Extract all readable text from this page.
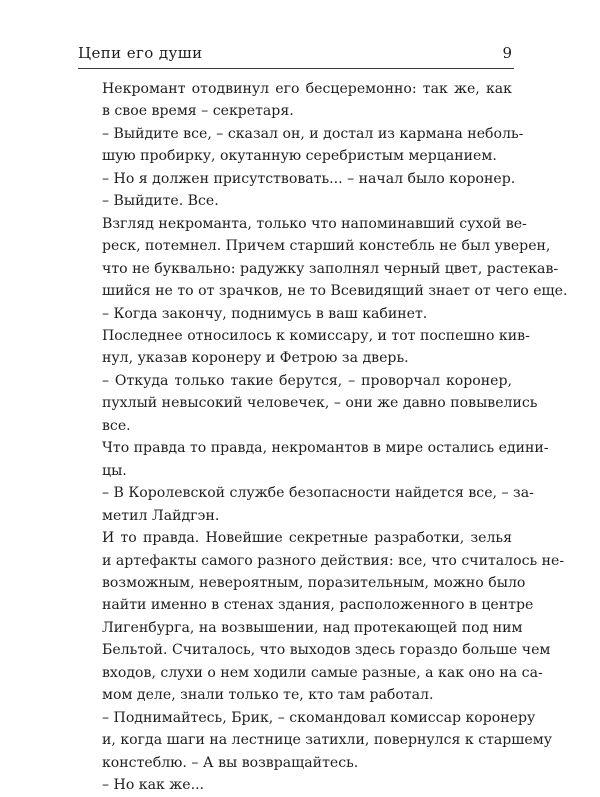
Цепи его души	9

Некромант отодвинул его бесцеремонно: так же, как
в свое время – секретаря.

– Выйдите все, – сказал он, и достал из кармана неболь-
шую пробирку, окутанную серебристым мерцанием.

– Но я должен присутствовать... – начал было коронер.

– Выйдите. Все.

Взгляд некроманта, только что напоминавший сухой ве-
реск, потемнел. Причем старший констебль не был уверен,
что не буквально: радужку заполнял черный цвет, растекав-
шийся не то от зрачков, не то Всевидящий знает от чего еще.

– Когда закончу, поднимусь в ваш кабинет.

Последнее относилось к комиссару, и тот поспешно кив-
нул, указав коронеру и Фетрою за дверь.

– Откуда только такие берутся, – проворчал коронер,
пухлый невысокий человечек, – они же давно повывелись
все.

Что правда то правда, некромантов в мире остались едини-
цы.

– В Королевской службе безопасности найдется все, – за-
метил Лайдгэн.

И то правда. Новейшие секретные разработки, зелья
и артефакты самого разного действия: все, что считалось не-
возможным, невероятным, поразительным, можно было
найти именно в стенах здания, расположенного в центре
Лигенбурга, на возвышении, над протекающей под ним
Бельтой. Считалось, что выходов здесь гораздо больше чем
входов, слухи о нем ходили самые разные, а как оно на са-
мом деле, знали только те, кто там работал.

– Поднимайтесь, Брик, – скомандовал комиссар коронеру
и, когда шаги на лестнице затихли, повернулся к старшему
констеблю. – А вы возвращайтесь.

– Но как же...
